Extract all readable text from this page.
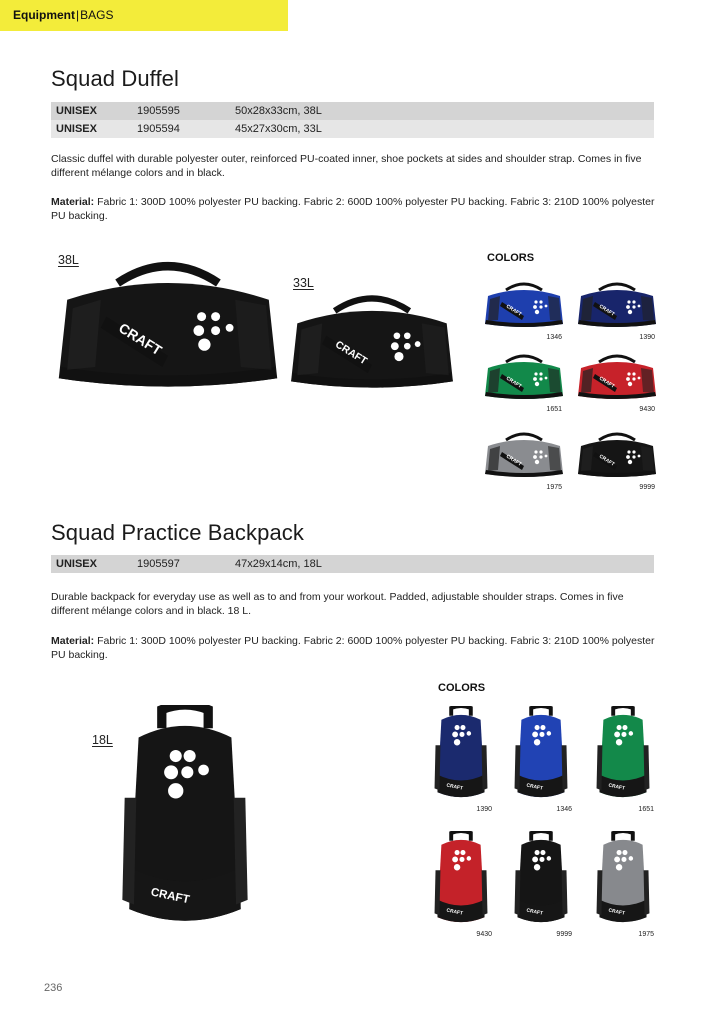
Equipment|BAGS
Squad Duffel
UNISEX	1905595	50x28x33cm, 38L
UNISEX	1905594	45x27x30cm, 33L

Classic duffel with durable polyester outer, reinforced PU-coated inner, shoe pockets at sides and shoulder strap. Comes in five different mélange colors and in black.

Material: Fabric 1: 300D 100% polyester PU backing. Fabric 2: 600D 100% polyester PU backing. Fabric 3: 210D 100% polyester PU backing.

38L
33L
COLORS
1346	1390
1651	9430
1975	9999
Squad Practice Backpack
UNISEX	1905597	47x29x14cm, 18L

Durable backpack for everyday use as well as to and from your workout. Padded, adjustable shoulder straps. Comes in five different mélange colors and in black. 18 L.

Material: Fabric 1: 300D 100% polyester PU backing. Fabric 2: 600D 100% polyester PU backing. Fabric 3: 210D 100% polyester PU backing.

18L
COLORS
1390	1346	1651
9430	9999	1975
236
